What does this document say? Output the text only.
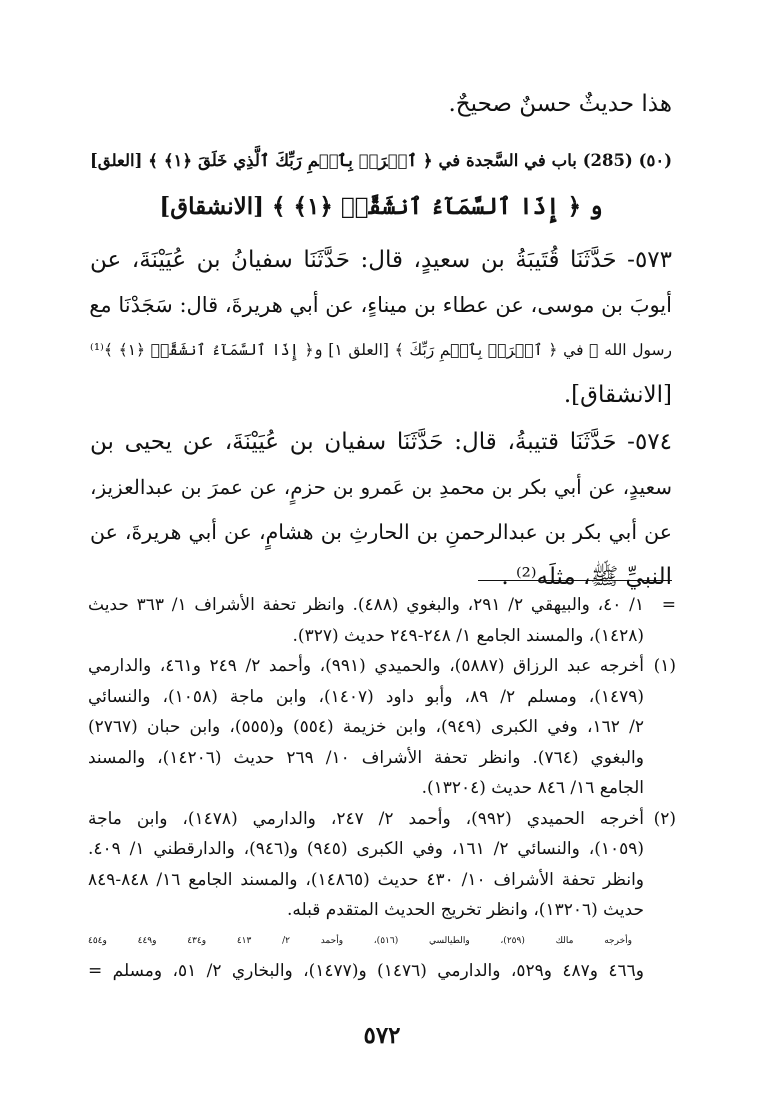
هذا حديثٌ حسنٌ صحيحٌ.
(٥٠) (285) باب في السَّجدة في ﴿ ٱقۡرَأۡ بِٱسۡمِ رَبِّكَ ٱلَّذِي خَلَقَ ﴿١﴾ ﴾ [العلق]
و ﴿ إِذَا ٱلسَّمَآءُ ٱنشَقَّتۡ ﴿١﴾ ﴾ [الانشقاق]
٥٧٣- حَدَّثَنَا قُتَيبَةُ بن سعيدٍ، قال: حَدَّثَنَا سفيانُ بن عُيَيْنَةَ، عن
أيوبَ بن موسى، عن عطاء بن ميناءٍ، عن أبي هريرةَ، قال: سَجَدْنَا مع
رسول الله ﷺ في ﴿ ٱقۡرَأۡ بِٱسۡمِ رَبِّكَ ﴾ [العلق ١] و﴿ إِذَا ٱلسَّمَآءُ ٱنشَقَّتۡ ﴿١﴾ ﴾⁽¹⁾
[الانشقاق].
٥٧٤- حَدَّثَنَا قتيبةُ، قال: حَدَّثَنَا سفيان بن عُيَيْنَةَ، عن يحيى بن
سعيدٍ، عن أبي بكر بن محمدِ بن عَمرو بن حزمٍ، عن عمرَ بن عبدالعزيز،
عن أبي بكر بن عبدالرحمنِ بن الحارثِ بن هشامٍ، عن أبي هريرةَ، عن
النبيِّ ﷺ، مثلَه⁽²⁾ .
=
١/ ٤٠، والبيهقي ٢/ ٢٩١، والبغوي (٤٨٨). وانظر تحفة الأشراف ١/ ٣٦٣ حديث
(١٤٢٨)، والمسند الجامع ١/ ٢٤٨-٢٤٩ حديث (٣٢٧).
(١)
أخرجه عبد الرزاق (٥٨٨٧)، والحميدي (٩٩١)، وأحمد ٢/ ٢٤٩ و٤٦١، والدارمي
(١٤٧٩)، ومسلم ٢/ ٨٩، وأبو داود (١٤٠٧)، وابن ماجة (١٠٥٨)، والنسائي
٢/ ١٦٢، وفي الكبرى (٩٤٩)، وابن خزيمة (٥٥٤) و(٥٥٥)، وابن حبان (٢٧٦٧)
والبغوي (٧٦٤). وانظر تحفة الأشراف ١٠/ ٢٦٩ حديث (١٤٢٠٦)، والمسند
الجامع ١٦/ ٨٤٦ حديث (١٣٢٠٤).
(٢)
أخرجه الحميدي (٩٩٢)، وأحمد ٢/ ٢٤٧، والدارمي (١٤٧٨)، وابن ماجة
(١٠٥٩)، والنسائي ٢/ ١٦١، وفي الكبرى (٩٤٥) و(٩٤٦)، والدارقطني ١/ ٤٠٩.
وانظر تحفة الأشراف ١٠/ ٤٣٠ حديث (١٤٨٦٥)، والمسند الجامع ١٦/ ٨٤٨-٨٤٩
حديث (١٣٢٠٦)، وانظر تخريج الحديث المتقدم قبله.
وأخرجه مالك (٢٥٩)، والطيالسي (٥١٦)، وأحمد ٢/ ٤١٣ و٤٣٤ و٤٤٩ و٤٥٤
و٤٦٦ و٤٨٧ و٥٢٩، والدارمي (١٤٧٦) و(١٤٧٧)، والبخاري ٢/ ٥١، ومسلم =
٥٧٢
